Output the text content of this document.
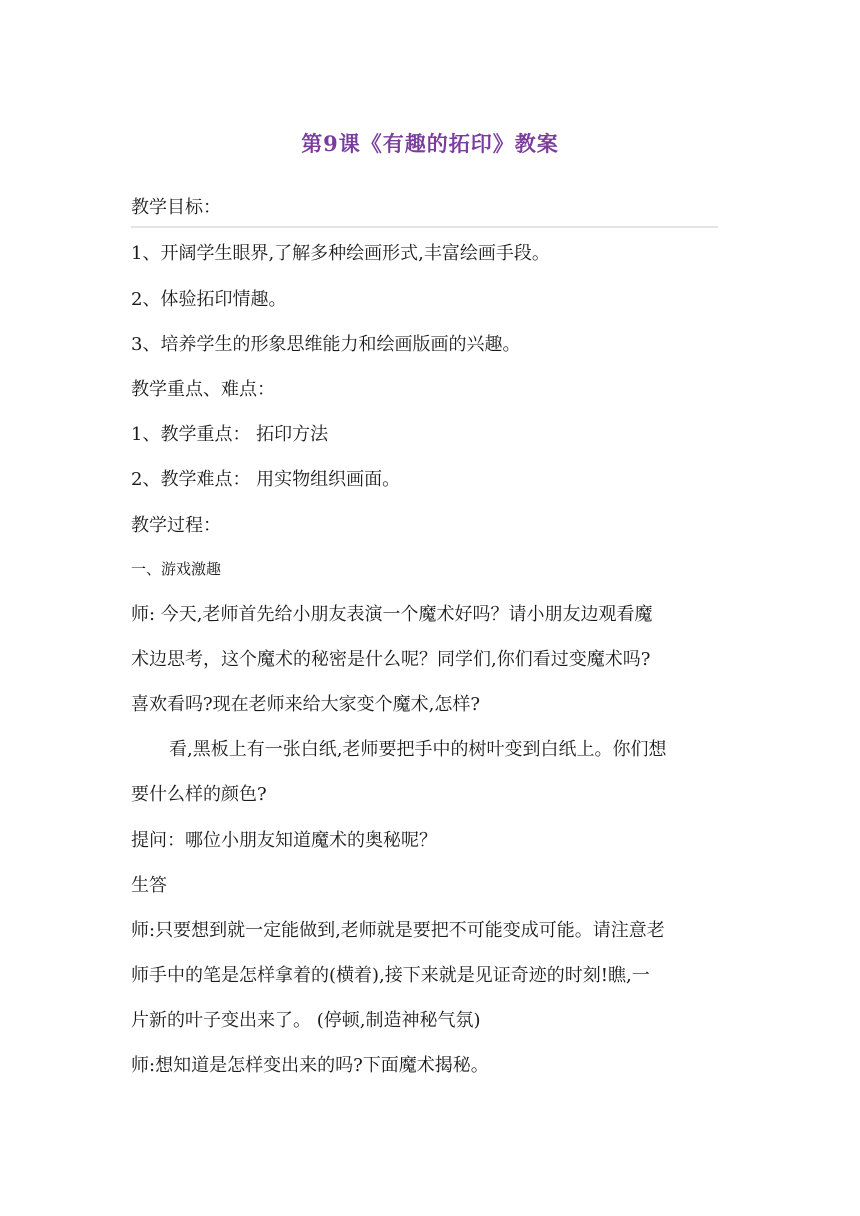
第9课《有趣的拓印》教案
教学目标：
1、开阔学生眼界,了解多种绘画形式,丰富绘画手段。
2、体验拓印情趣。
3、培养学生的形象思维能力和绘画版画的兴趣。
教学重点、难点：
1、教学重点： 拓印方法
2、教学难点： 用实物组织画面。
教学过程：
一、游戏激趣
师: 今天,老师首先给小朋友表演一个魔术好吗？请小朋友边观看魔
术边思考，这个魔术的秘密是什么呢？同学们,你们看过变魔术吗?
喜欢看吗?现在老师来给大家变个魔术,怎样?
看,黑板上有一张白纸,老师要把手中的树叶变到白纸上。你们想
要什么样的颜色?
提问：哪位小朋友知道魔术的奥秘呢？
生答
师:只要想到就一定能做到,老师就是要把不可能变成可能。请注意老
师手中的笔是怎样拿着的(横着),接下来就是见证奇迹的时刻!瞧,一
片新的叶子变出来了。 (停顿,制造神秘气氛)
师:想知道是怎样变出来的吗?下面魔术揭秘。
